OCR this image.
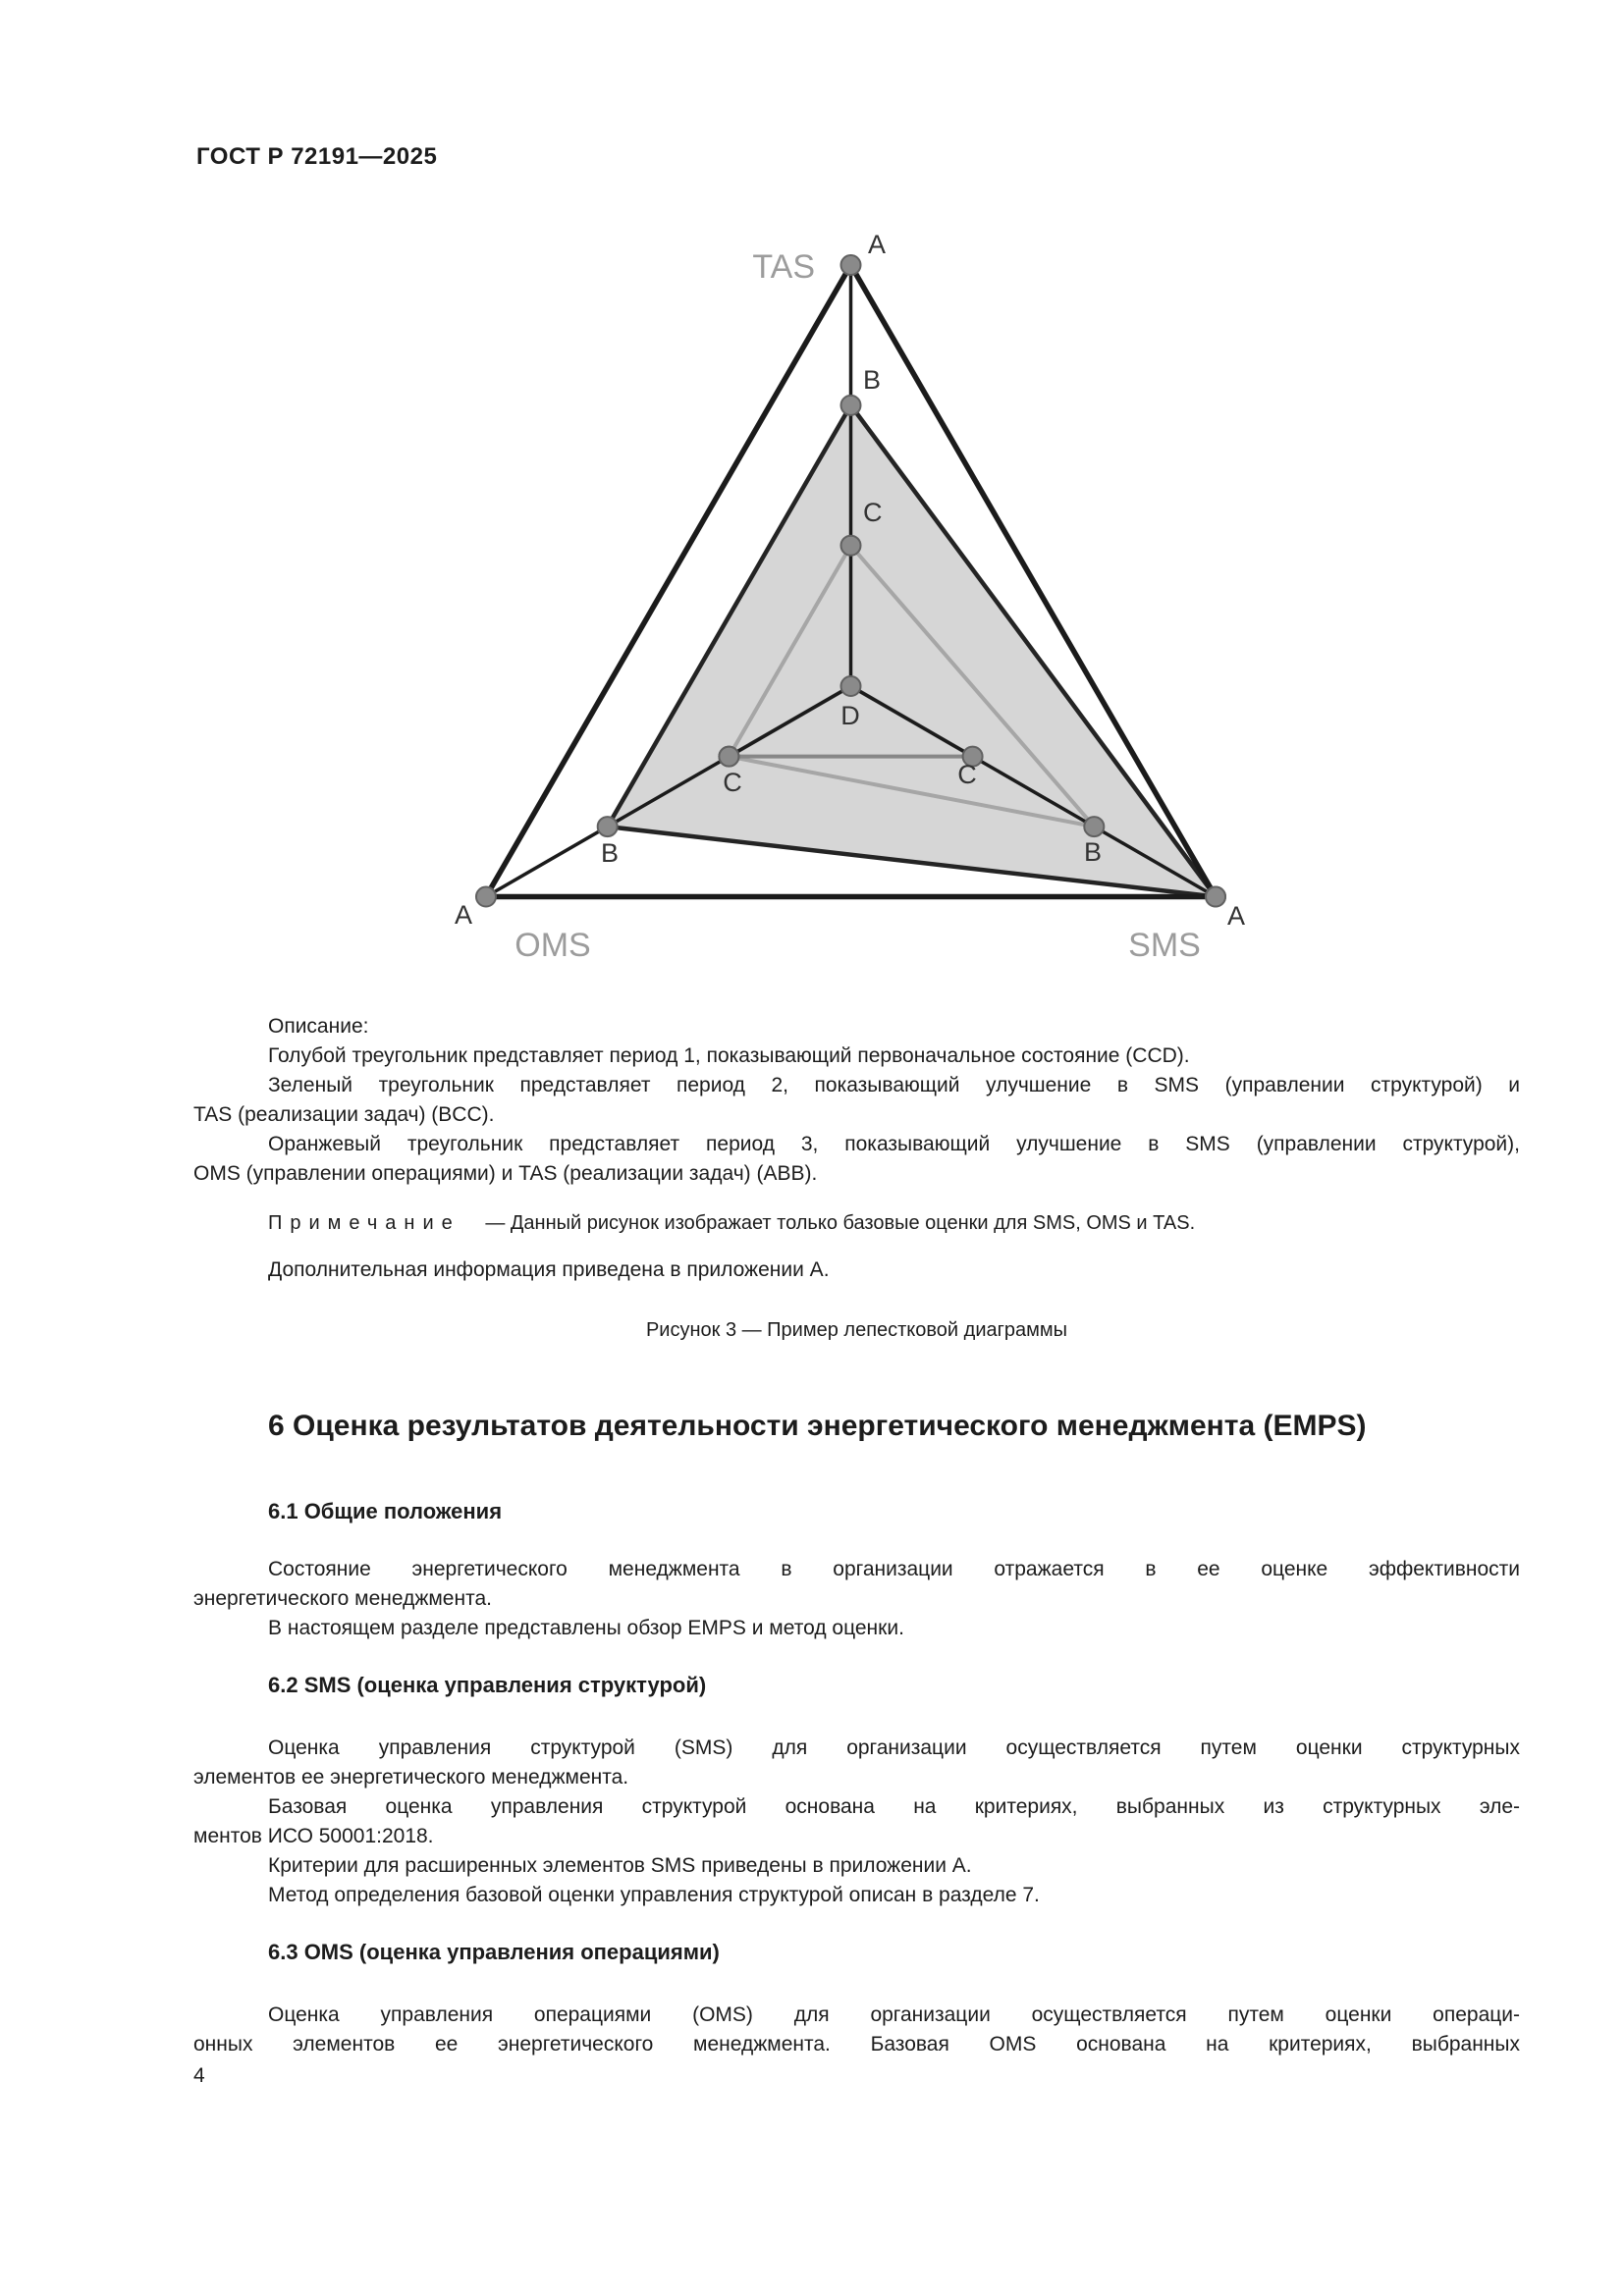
ГОСТ Р 72191—2025
TAS
OMS	SMS
A
B
C
D
C
B
A
C
B
A
Описание:
Голубой треугольник представляет период 1, показывающий первоначальное состояние (CCD).
Зеленый треугольник представляет период 2, показывающий улучшение в SMS (управлении структурой) и
TAS (реализации задач) (BCC).
Оранжевый треугольник представляет период 3, показывающий улучшение в SMS (управлении структурой),
OMS (управлении операциями) и TAS (реализации задач) (ABB).
Примечание — Данный рисунок изображает только базовые оценки для SMS, OMS и TAS.
Дополнительная информация приведена в приложении А.
Рисунок 3 — Пример лепестковой диаграммы
6 Оценка результатов деятельности энергетического менеджмента (EMPS)
6.1 Общие положения
Состояние энергетического менеджмента в организации отражается в ее оценке эффективности
энергетического менеджмента.
В настоящем разделе представлены обзор EMPS и метод оценки.
6.2 SMS (оценка управления структурой)
Оценка управления структурой (SMS) для организации осуществляется путем оценки структурных
элементов ее энергетического менеджмента.
Базовая оценка управления структурой основана на критериях, выбранных из структурных эле-
ментов ИСО 50001:2018.
Критерии для расширенных элементов SMS приведены в приложении А.
Метод определения базовой оценки управления структурой описан в разделе 7.
6.3 OMS (оценка управления операциями)
Оценка управления операциями (OMS) для организации осуществляется путем оценки операци-
онных элементов ее энергетического менеджмента. Базовая OMS основана на критериях, выбранных
4
